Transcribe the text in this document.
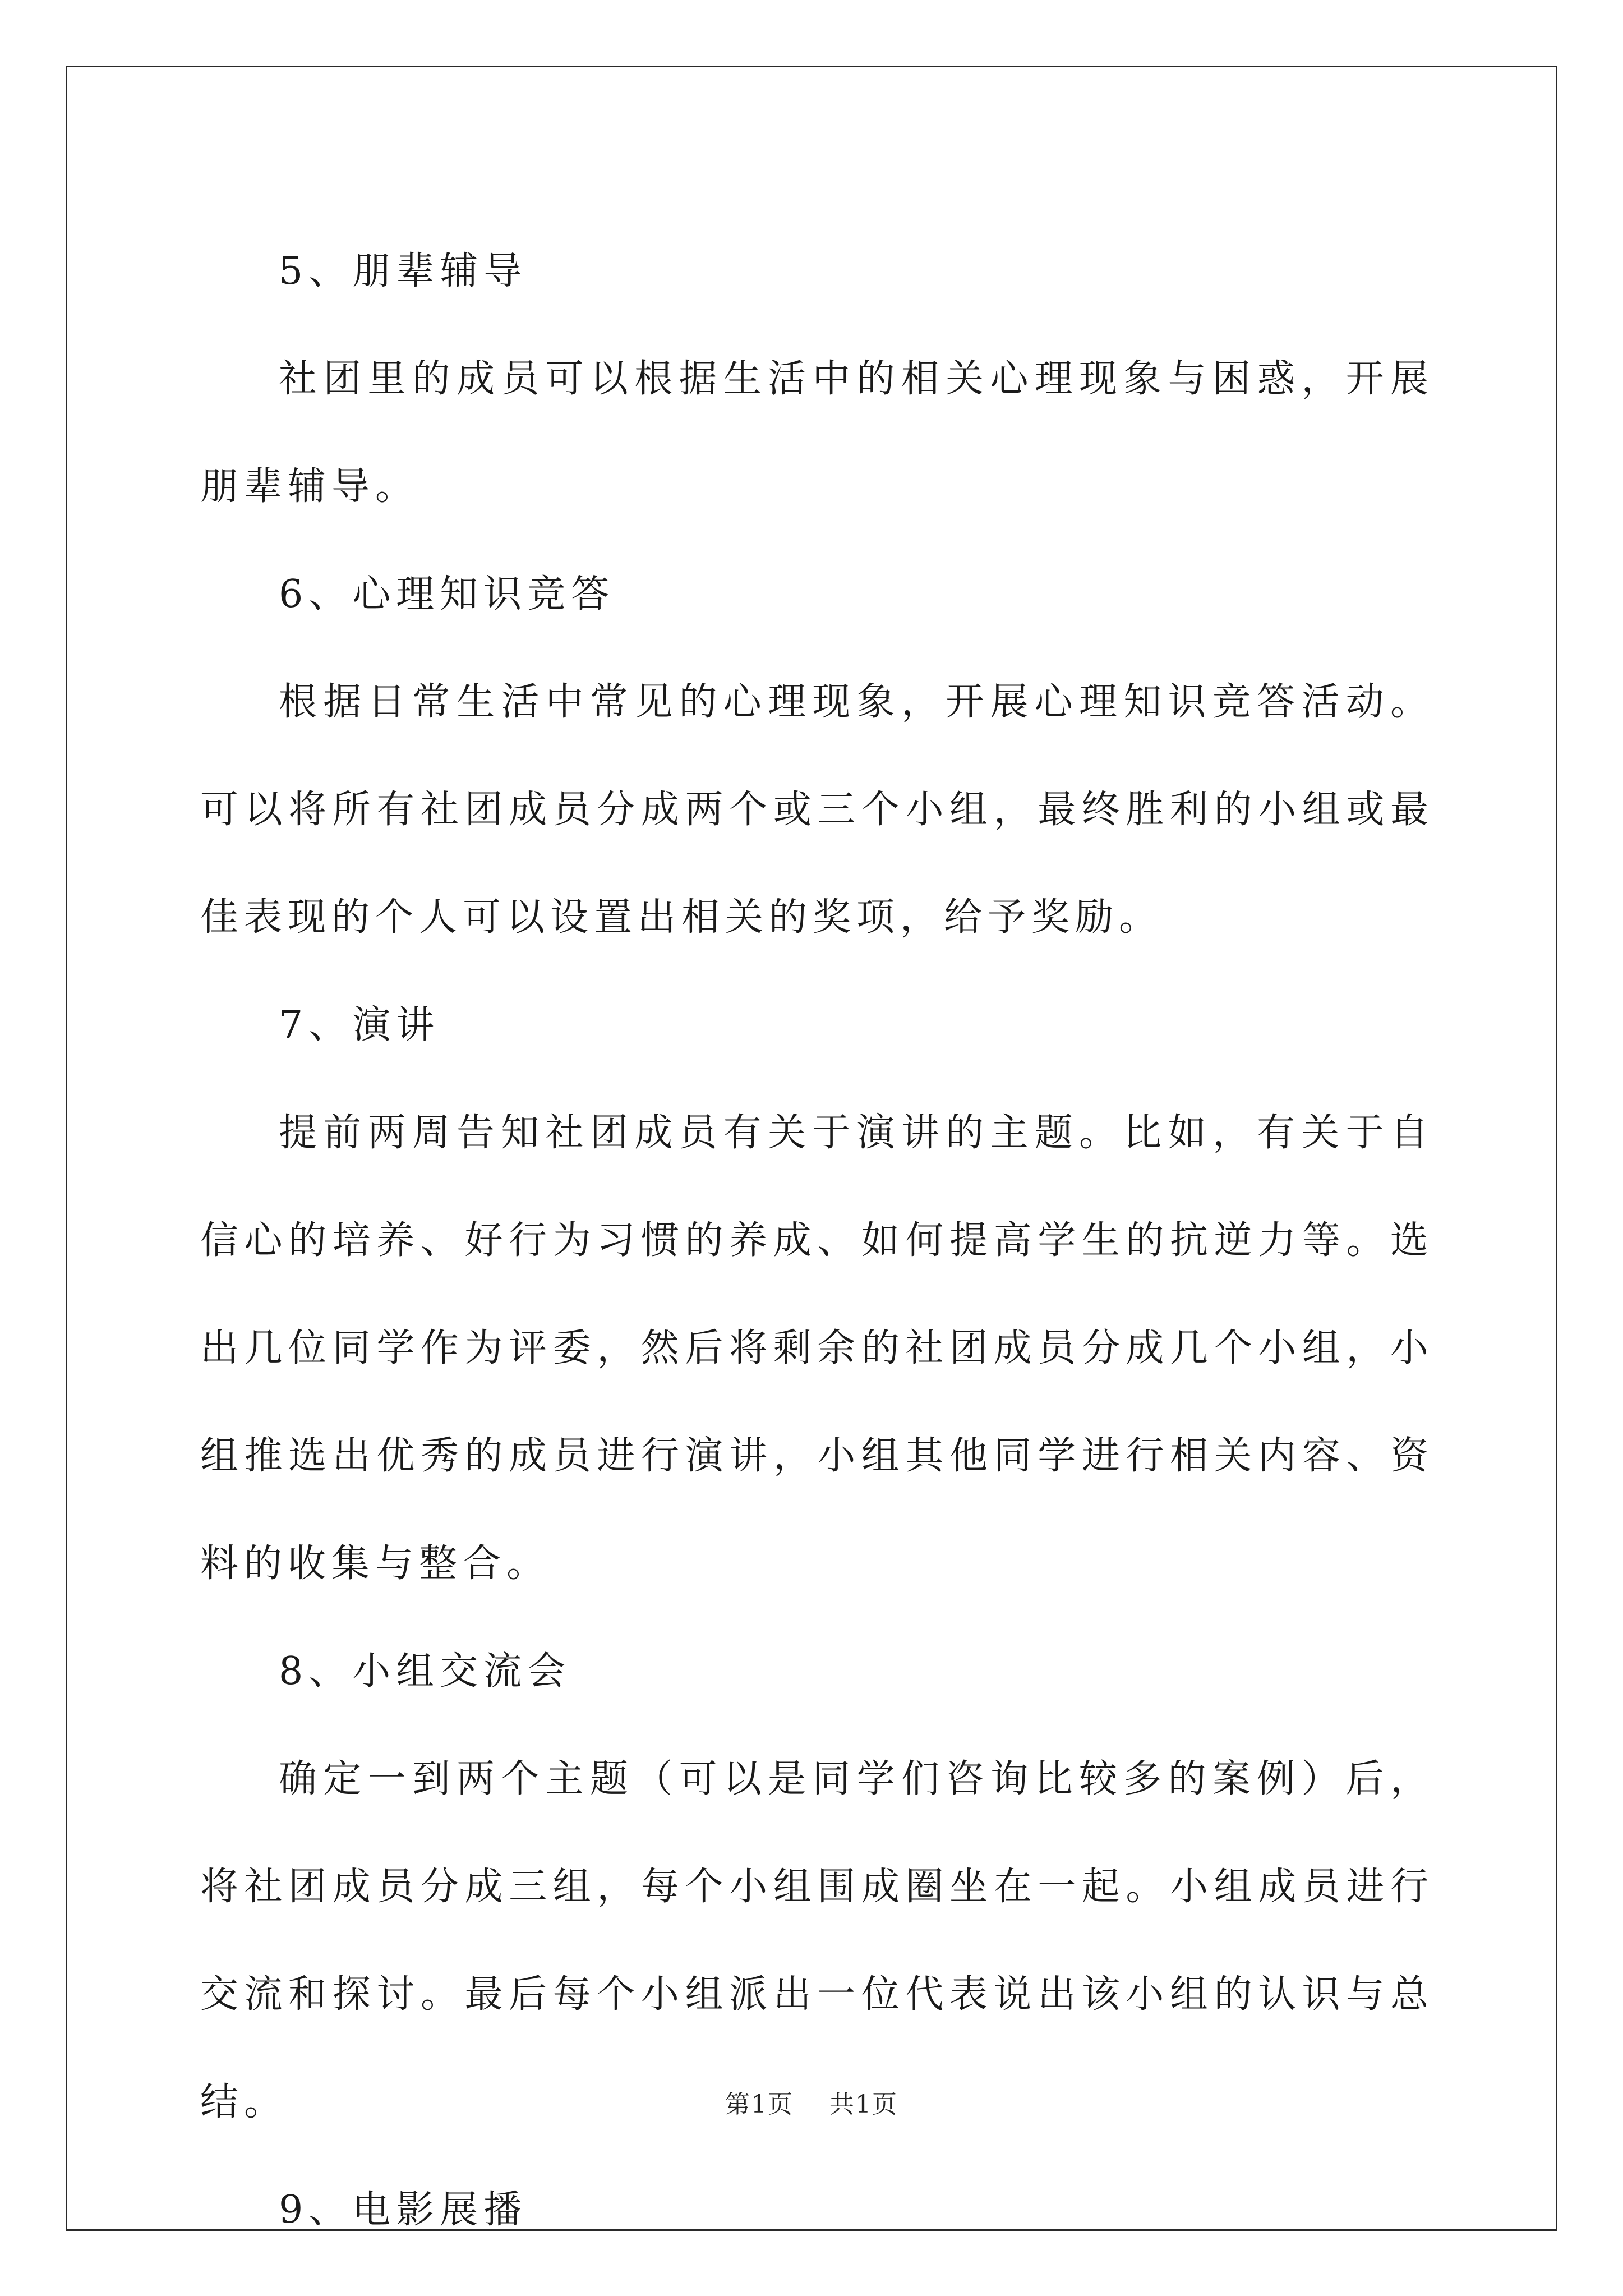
5、朋辈辅导

社团里的成员可以根据生活中的相关心理现象与困惑，开展朋辈辅导。

6、心理知识竞答

根据日常生活中常见的心理现象，开展心理知识竞答活动。可以将所有社团成员分成两个或三个小组，最终胜利的小组或最佳表现的个人可以设置出相关的奖项，给予奖励。

7、演讲

提前两周告知社团成员有关于演讲的主题。比如，有关于自信心的培养、好行为习惯的养成、如何提高学生的抗逆力等。选出几位同学作为评委，然后将剩余的社团成员分成几个小组，小组推选出优秀的成员进行演讲，小组其他同学进行相关内容、资料的收集与整合。

8、小组交流会

确定一到两个主题（可以是同学们咨询比较多的案例）后，将社团成员分成三组，每个小组围成圈坐在一起。小组成员进行交流和探讨。最后每个小组派出一位代表说出该小组的认识与总结。

9、电影展播

第1页 共1页
